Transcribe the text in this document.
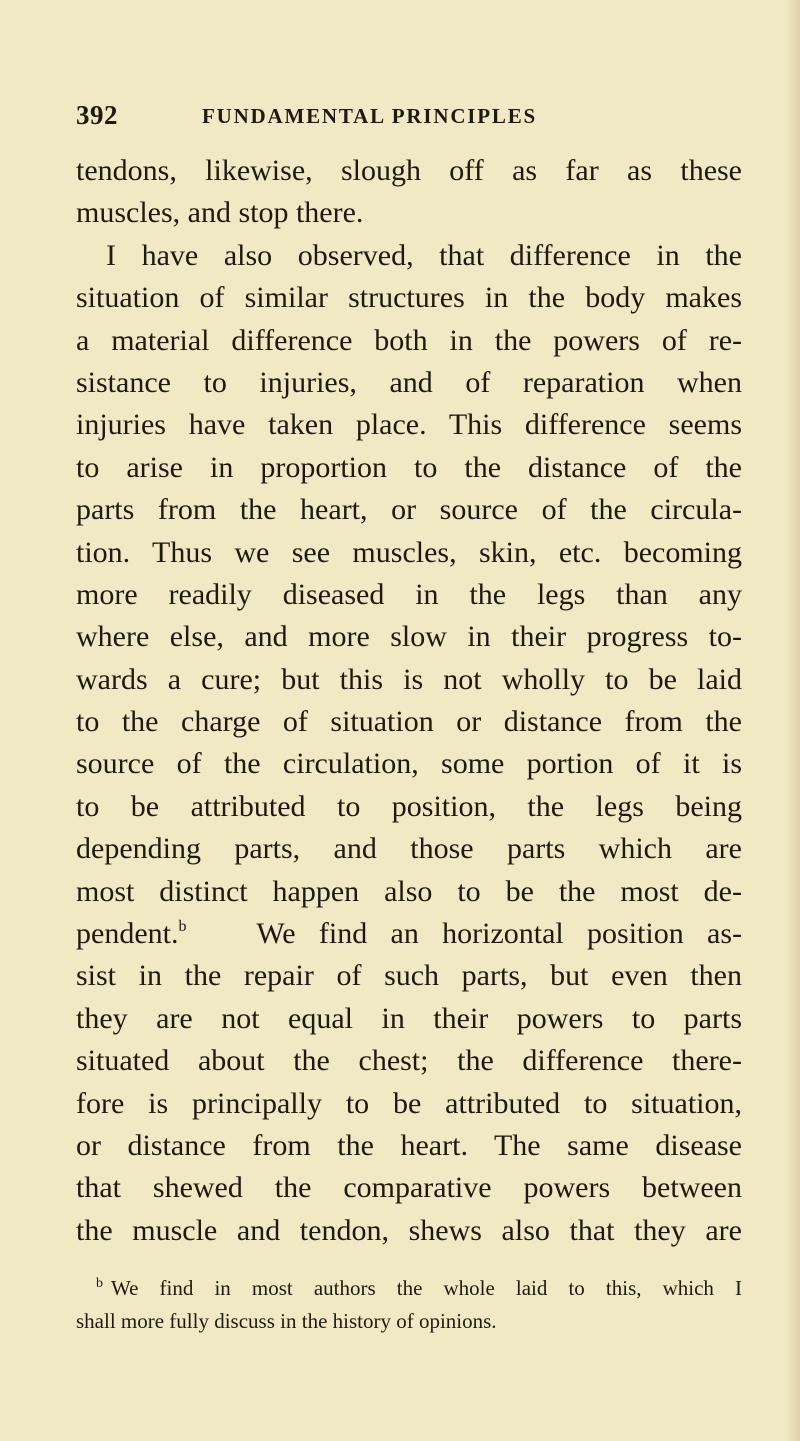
392	FUNDAMENTAL PRINCIPLES
tendons, likewise, slough off as far as these
muscles, and stop there.
I have also observed, that difference in the
situation of similar structures in the body makes
a material difference both in the powers of re-
sistance to injuries, and of reparation when
injuries have taken place. This difference seems
to arise in proportion to the distance of the
parts from the heart, or source of the circula-
tion. Thus we see muscles, skin, etc. becoming
more readily diseased in the legs than any
where else, and more slow in their progress to-
wards a cure; but this is not wholly to be laid
to the charge of situation or distance from the
source of the circulation, some portion of it is
to be attributed to position, the legs being
depending parts, and those parts which are
most distinct happen also to be the most de-
pendent.$^b$ We find an horizontal position as-
sist in the repair of such parts, but even then
they are not equal in their powers to parts
situated about the chest; the difference there-
fore is principally to be attributed to situation,
or distance from the heart. The same disease
that shewed the comparative powers between
the muscle and tendon, shews also that they are
$^b$ We find in most authors the whole laid to this, which I
shall more fully discuss in the history of opinions.
